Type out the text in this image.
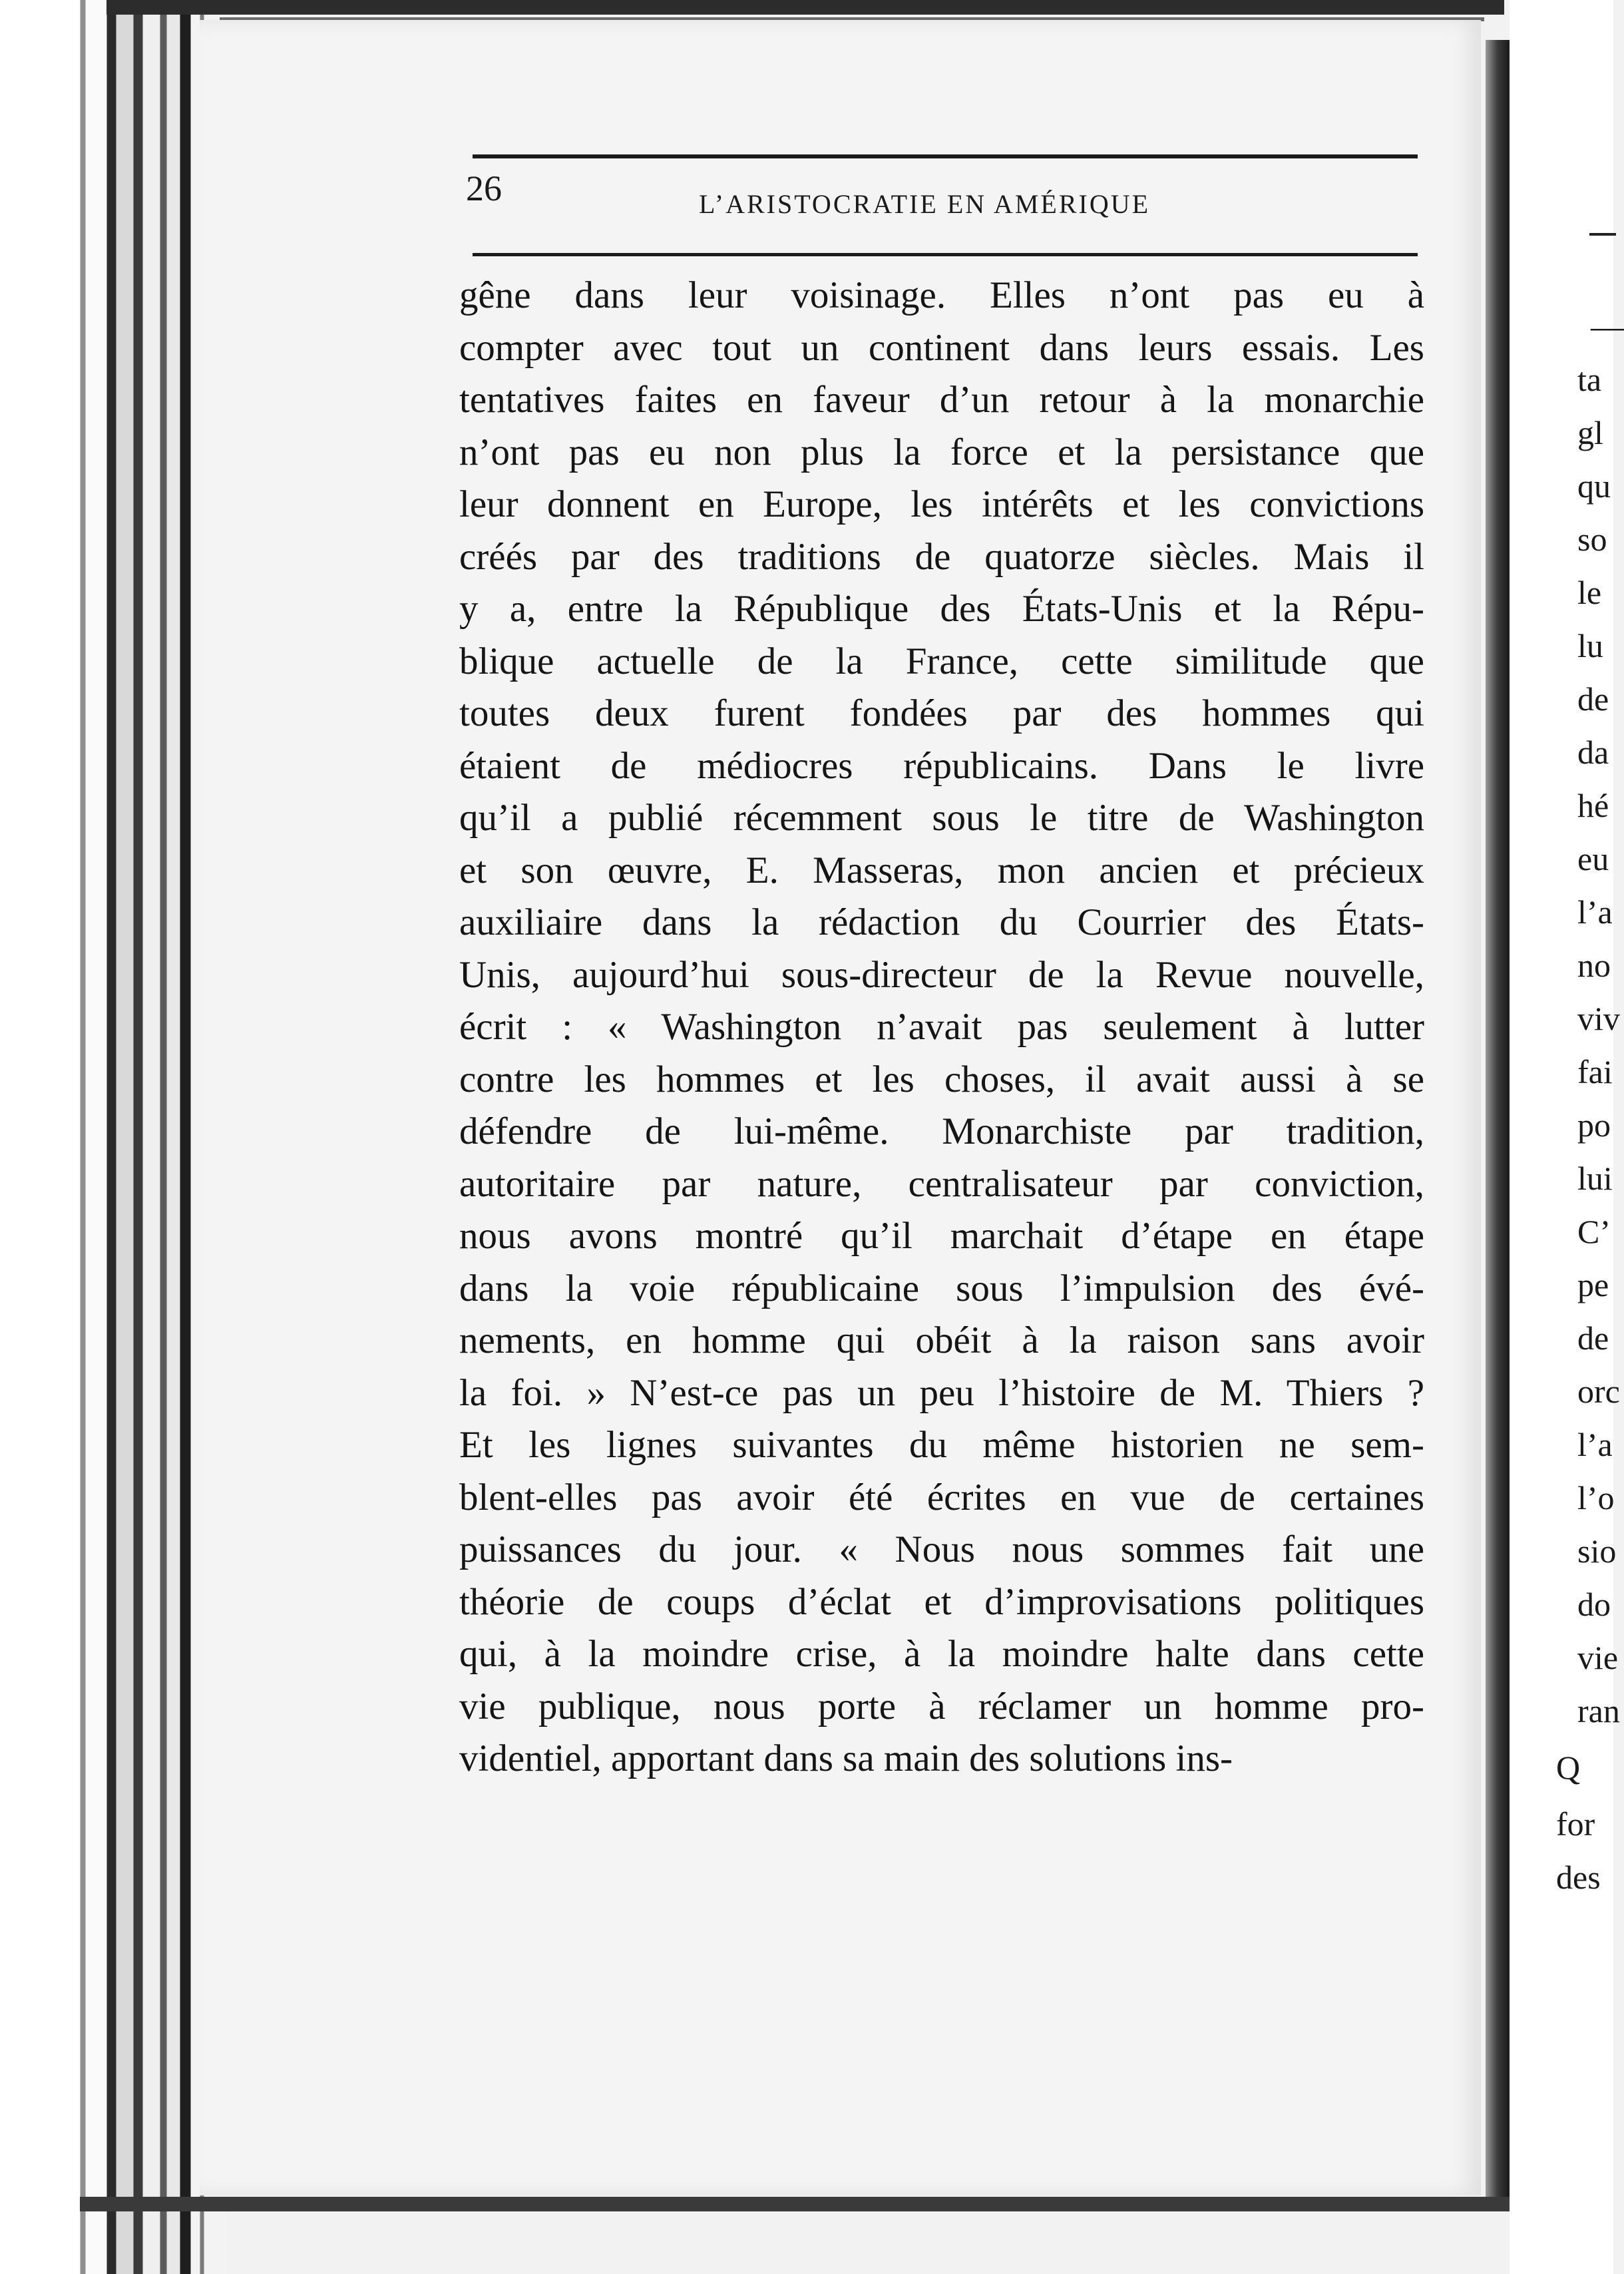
—
ta
gl
qu
so
le
lu
de
da
hé
eu
l’a
no
viv
fai
po
lui
C’
pe
de
orc
l’a
l’o
sio
do
vie
ran
Q
for
des
26	L’ARISTOCRATIE EN AMÉRIQUE
gêne dans leur voisinage. Elles n’ont pas eu à
compter avec tout un continent dans leurs essais. Les
tentatives faites en faveur d’un retour à la monarchie
n’ont pas eu non plus la force et la persistance que
leur donnent en Europe, les intérêts et les convictions
créés par des traditions de quatorze siècles. Mais il
y a, entre la République des États-Unis et la Répu-
blique actuelle de la France, cette similitude que
toutes deux furent fondées par des hommes qui
étaient de médiocres républicains. Dans le livre
qu’il a publié récemment sous le titre de Washington
et son œuvre, E. Masseras, mon ancien et précieux
auxiliaire dans la rédaction du Courrier des États-
Unis, aujourd’hui sous-directeur de la Revue nouvelle,
écrit : « Washington n’avait pas seulement à lutter
contre les hommes et les choses, il avait aussi à se
défendre de lui-même. Monarchiste par tradition,
autoritaire par nature, centralisateur par conviction,
nous avons montré qu’il marchait d’étape en étape
dans la voie républicaine sous l’impulsion des évé-
nements, en homme qui obéit à la raison sans avoir
la foi. » N’est-ce pas un peu l’histoire de M. Thiers ?
Et les lignes suivantes du même historien ne sem-
blent-elles pas avoir été écrites en vue de certaines
puissances du jour. « Nous nous sommes fait une
théorie de coups d’éclat et d’improvisations politiques
qui, à la moindre crise, à la moindre halte dans cette
vie publique, nous porte à réclamer un homme pro-
videntiel, apportant dans sa main des solutions ins-
